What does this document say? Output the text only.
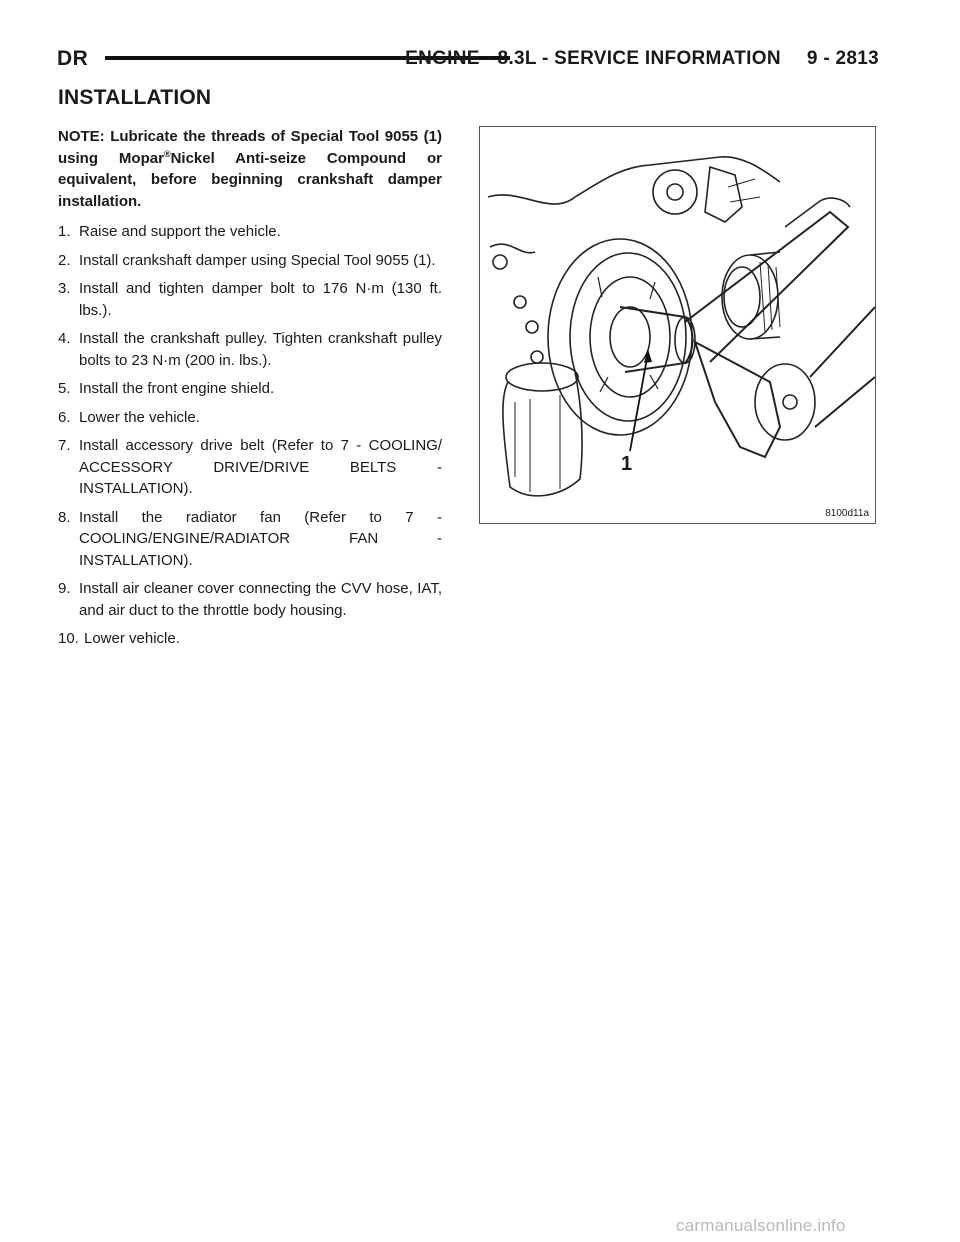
DR	ENGINE - 8.3L - SERVICE INFORMATION 9 - 2813
INSTALLATION

NOTE: Lubricate the threads of Special Tool 9055 (1) using Mopar®Nickel Anti-seize Compound or equivalent, before beginning crankshaft damper installation.

1. Raise and support the vehicle.
2. Install crankshaft damper using Special Tool 9055 (1).
3. Install and tighten damper bolt to 176 N·m (130 ft. lbs.).
4. Install the crankshaft pulley. Tighten crankshaft pulley bolts to 23 N·m (200 in. lbs.).
5. Install the front engine shield.
6. Lower the vehicle.
7. Install accessory drive belt (Refer to 7 - COOLING/ ACCESSORY DRIVE/DRIVE BELTS - INSTALLATION).
8. Install the radiator fan (Refer to 7 - COOLING/ENGINE/RADIATOR FAN - INSTALLATION).
9. Install air cleaner cover connecting the CVV hose, IAT, and air duct to the throttle body housing.
10. Lower vehicle.
1
8100d11a
carmanualsonline.info
